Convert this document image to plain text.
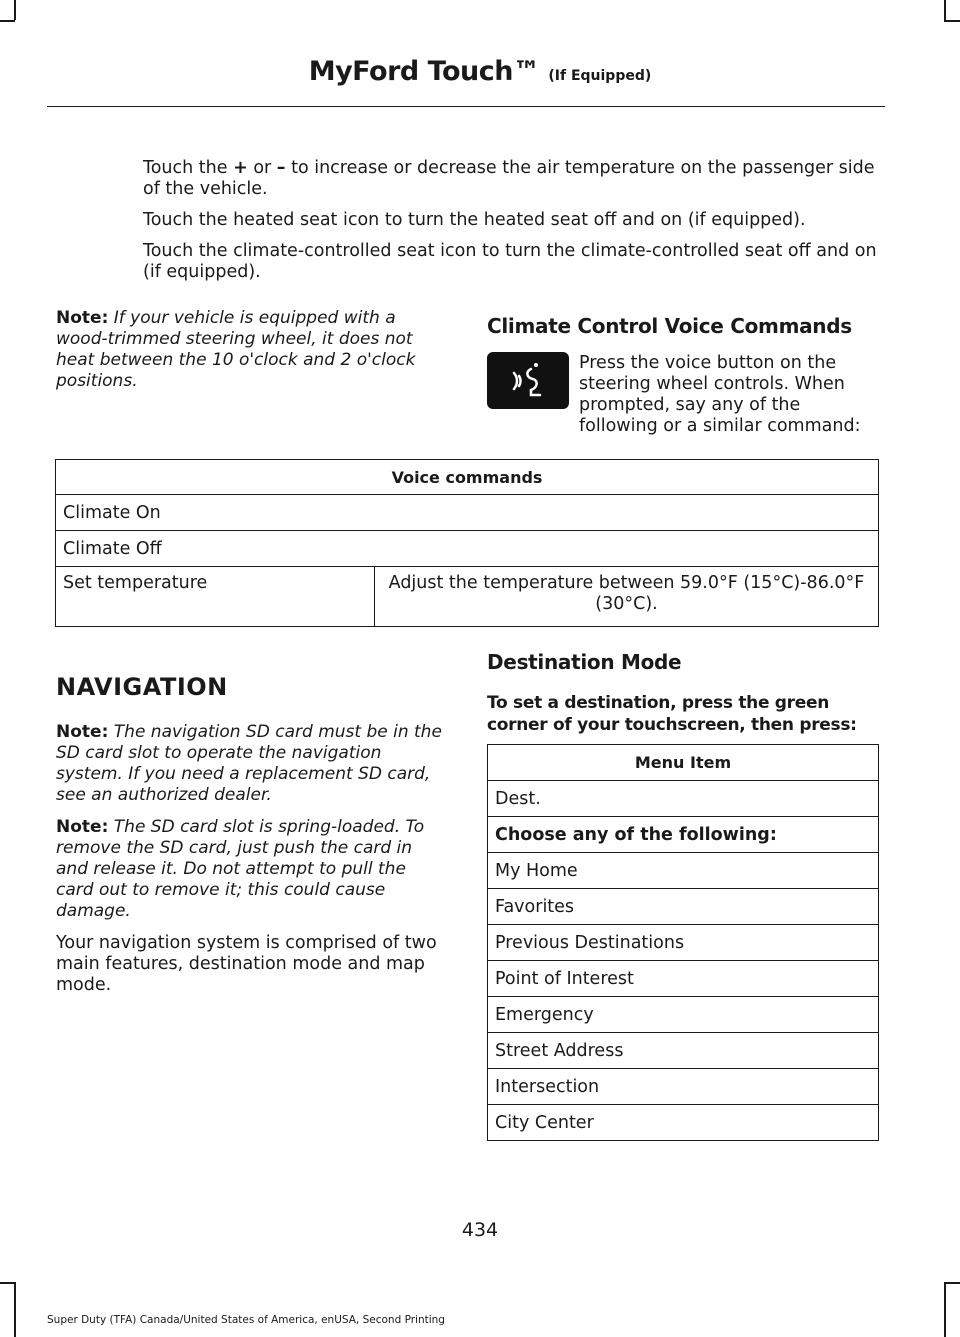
MyFord Touch™ (If Equipped)
Touch the + or – to increase or decrease the air temperature on the passenger side of the vehicle.
Touch the heated seat icon to turn the heated seat off and on (if equipped).
Touch the climate-controlled seat icon to turn the climate-controlled seat off and on (if equipped).
Note: If your vehicle is equipped with a wood-trimmed steering wheel, it does not heat between the 10 o'clock and 2 o'clock positions.
Climate Control Voice Commands
Press the voice button on the steering wheel controls. When prompted, say any of the following or a similar command:
Voice commands
Climate On
Climate Off
Set temperature	Adjust the temperature between 59.0°F (15°C)-86.0°F (30°C).
NAVIGATION
Note: The navigation SD card must be in the SD card slot to operate the navigation system. If you need a replacement SD card, see an authorized dealer.
Note: The SD card slot is spring-loaded. To remove the SD card, just push the card in and release it. Do not attempt to pull the card out to remove it; this could cause damage.
Your navigation system is comprised of two main features, destination mode and map mode.
Destination Mode
To set a destination, press the green corner of your touchscreen, then press:
Menu Item
Dest.
Choose any of the following:
My Home
Favorites
Previous Destinations
Point of Interest
Emergency
Street Address
Intersection
City Center
434
Super Duty (TFA) Canada/United States of America, enUSA, Second Printing
